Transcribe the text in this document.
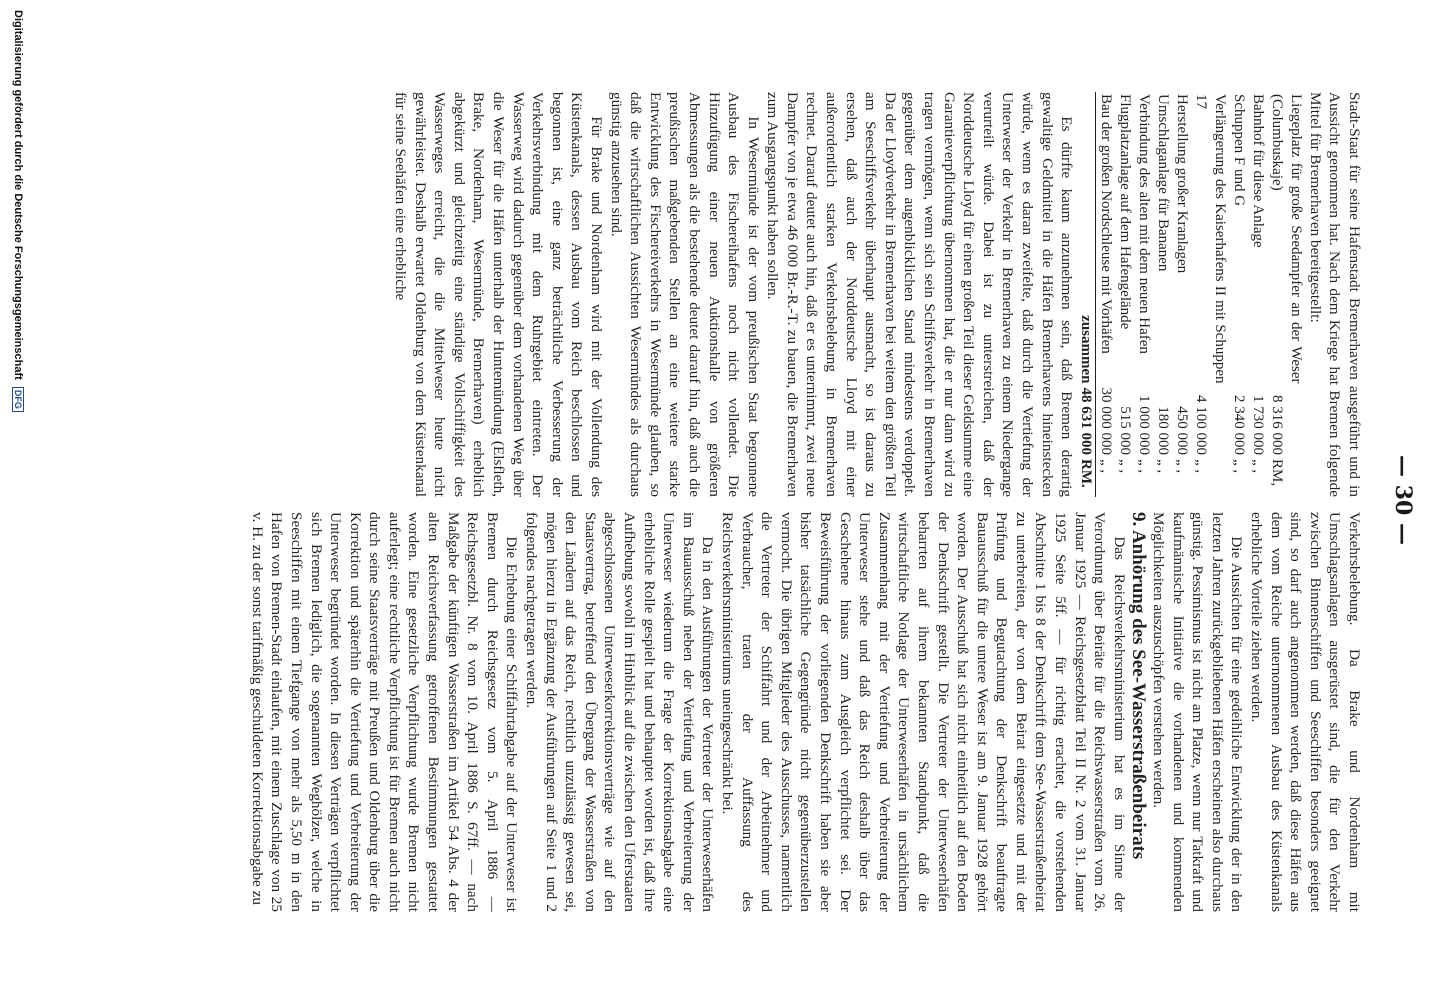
Digitalisierung gefördert durch die Deutsche Forschungsgemeinschaft DFG
— 30 —

Stadt-Staat für seine Hafenstadt Bremerhaven ausgeführt und in Aussicht genommen hat. Nach dem Kriege hat Bremen folgende Mittel für Bremerhaven bereitgestellt:

Liegeplatz für große Seedampfer an der Weser (Columbuskaje)	8 316 000	RM,
Bahnhof für diese Anlage	1 730 000	„ ,
Schuppen F und G	2 340 000	„ ,
Verlängerung des Kaiserhafens II mit Schuppen 17	4 100 000	„ ,
Herstellung großer Kranlagen	450 000	„ ,
Umschlaganlage für Bananen	180 000	„ ,
Verbindung des alten mit dem neuen Hafen	1 000 000	„ ,
Flugplatzanlage auf dem Hafengelände	515 000	„ ,
Bau der großen Nordschleuse mit Vorhäfen	30 000 000	„ ,
zusammen	48 631 000	RM.

Es dürfte kaum anzunehmen sein, daß Bremen derartig gewaltige Geldmittel in die Häfen Bremerhavens hineinstecken würde, wenn es daran zweifelte, daß durch die Vertiefung der Unterweser der Verkehr in Bremerhaven zu einem Niedergange verurteilt würde. Dabei ist zu unterstreichen, daß der Norddeutsche Lloyd für einen großen Teil dieser Geldsumme eine Garantieverpflichtung übernommen hat, die er nur dann wird zu tragen vermögen, wenn sich sein Schiffsverkehr in Bremerhaven gegenüber dem augenblicklichen Stand mindestens verdoppelt. Da der Lloydverkehr in Bremerhaven bei weitem den größten Teil am Seeschiffsverkehr überhaupt ausmacht, so ist daraus zu ersehen, daß auch der Norddeutsche Lloyd mit einer außerordentlich starken Verkehrsbelebung in Bremerhaven rechnet. Darauf deutet auch hin, daß er es unternimmt, zwei neue Dampfer von je etwa 46 000 Br.-R.-T. zu bauen, die Bremerhaven zum Ausgangspunkt haben sollen.

In Wesermünde ist der vom preußischen Staat begonnene Ausbau des Fischereihafens noch nicht vollendet. Die Hinzufügung einer neuen Auktionshalle von größeren Abmessungen als die bestehende deutet darauf hin, daß auch die preußischen maßgebenden Stellen an eine weitere starke Entwicklung des Fischereiverkehrs in Wesermünde glauben, so daß die wirtschaftlichen Aussichten Wesermündes als durchaus günstig anzusehen sind.

Für Brake und Nordenham wird mit der Vollendung des Küstenkanals, dessen Ausbau vom Reich beschlossen und begonnen ist, eine ganz beträchtliche Verbesserung der Verkehrsverbindung mit dem Ruhrgebiet eintreten. Der Wasserweg wird dadurch gegenüber dem vorhandenen Weg über die Weser für die Häfen unterhalb der Huntemündung (Elsfleth, Brake, Nordenham, Wesermünde, Bremerhaven) erheblich abgekürzt und gleichzeitig eine ständige Vollschiffigkeit des Wasserweges erreicht, die die Mittelweser heute nicht gewährleistet. Deshalb erwartet Oldenburg von dem Küstenkanal für seine Seehäfen eine erhebliche

Verkehrsbelebung. Da Brake und Nordenham mit Umschlagsanlagen ausgerüstet sind, die für den Verkehr zwischen Binnenschiffen und Seeschiffen besonders geeignet sind, so darf auch angenommen werden, daß diese Häfen aus dem vom Reiche unternommenen Ausbau des Küstenkanals erhebliche Vorteile ziehen werden.

Die Aussichten für eine gedeihliche Entwicklung der in den letzten Jahren zurückgebliebenen Häfen erscheinen also durchaus günstig. Pessimismus ist nicht am Platze, wenn nur Tatkraft und kaufmännische Initiative die vorhandenen und kommenden Möglichkeiten auszuschöpfen verstehen werden.

9. Anhörung des See-Wasserstraßenbeirats

Das Reichsverkehrsministerium hat es im Sinne der Verordnung über Beiräte für die Reichswasserstraßen vom 26. Januar 1925 — Reichsgesetzblatt Teil II Nr. 2 vom 31. Januar 1925 Seite 5ff. — für richtig erachtet, die vorstehenden Abschnitte 1 bis 8 der Denkschrift dem See-Wasserstraßenbeirat zu unterbreiten, der von dem Beirat eingesetzte und mit der Prüfung und Begutachtung der Denkschrift beauftragte Bauausschuß für die untere Weser ist am 9. Januar 1928 gehört worden. Der Ausschuß hat sich nicht einheitlich auf den Boden der Denkschrift gestellt. Die Vertreter der Unterweserhäfen beharrten auf ihrem bekannten Standpunkt, daß die wirtschaftliche Notlage der Unterweserhäfen in ursächlichem Zusammenhang mit der Vertiefung und Verbreiterung der Unterweser stehe und daß das Reich deshalb über das Geschehene hinaus zum Ausgleich verpflichtet sei. Der Beweisführung der vorliegenden Denkschrift haben sie aber bisher tatsächliche Gegengründe nicht gegenüberzustellen vermocht. Die übrigen Mitglieder des Ausschusses, namentlich die Vertreter der Schiffahrt und der Arbeitnehmer und Verbraucher, traten der Auffassung des Reichsverkehrsministeriums uneingeschränkt bei.

Da in den Ausführungen der Vertreter der Unterweserhäfen im Bauausschuß neben der Vertiefung und Verbreiterung der Unterweser wiederum die Frage der Korrektionsabgabe eine erhebliche Rolle gespielt hat und behauptet worden ist, daß ihre Aufhebung sowohl im Hinblick auf die zwischen den Uferstaaten abgeschlossenen Unterweserkorrektionsverträge wie auf den Staatsvertrag, betreffend den Übergang der Wasserstraßen von den Ländern auf das Reich, rechtlich unzulässig gewesen sei, mögen hierzu in Ergänzung der Ausführungen auf Seite 1 und 2 folgendes nachgetragen werden.

Die Erhebung einer Schiffahrtabgabe auf der Unterweser ist Bremen durch Reichsgesetz vom 5. April 1886 — Reichsgesetzbl. Nr. 8 vom 10. April 1886 S. 67ff. — nach Maßgabe der künftigen Wasserstraßen im Artikel 54 Abs. 4 der alten Reichsverfassung getroffenen Bestimmungen gestattet worden. Eine gesetzliche Verpflichtung wurde Bremen nicht auferlegt; eine rechtliche Verpflichtung ist für Bremen auch nicht durch seine Staatsverträge mit Preußen und Oldenburg über die Korrektion und späterhin die Vertiefung und Verbreiterung der Unterweser begründet worden. In diesen Verträgen verpflichtet sich Bremen lediglich, die sogenannten Weghölzer, welche in Seeschiffen mit einem Tiefgange von mehr als 5,50 m in den Hafen von Bremen-Stadt einlaufen, mit einem Zuschlage von 25 v. H. zu der sonst tarifmäßig geschuldeten Korrektionsabgabe zu
